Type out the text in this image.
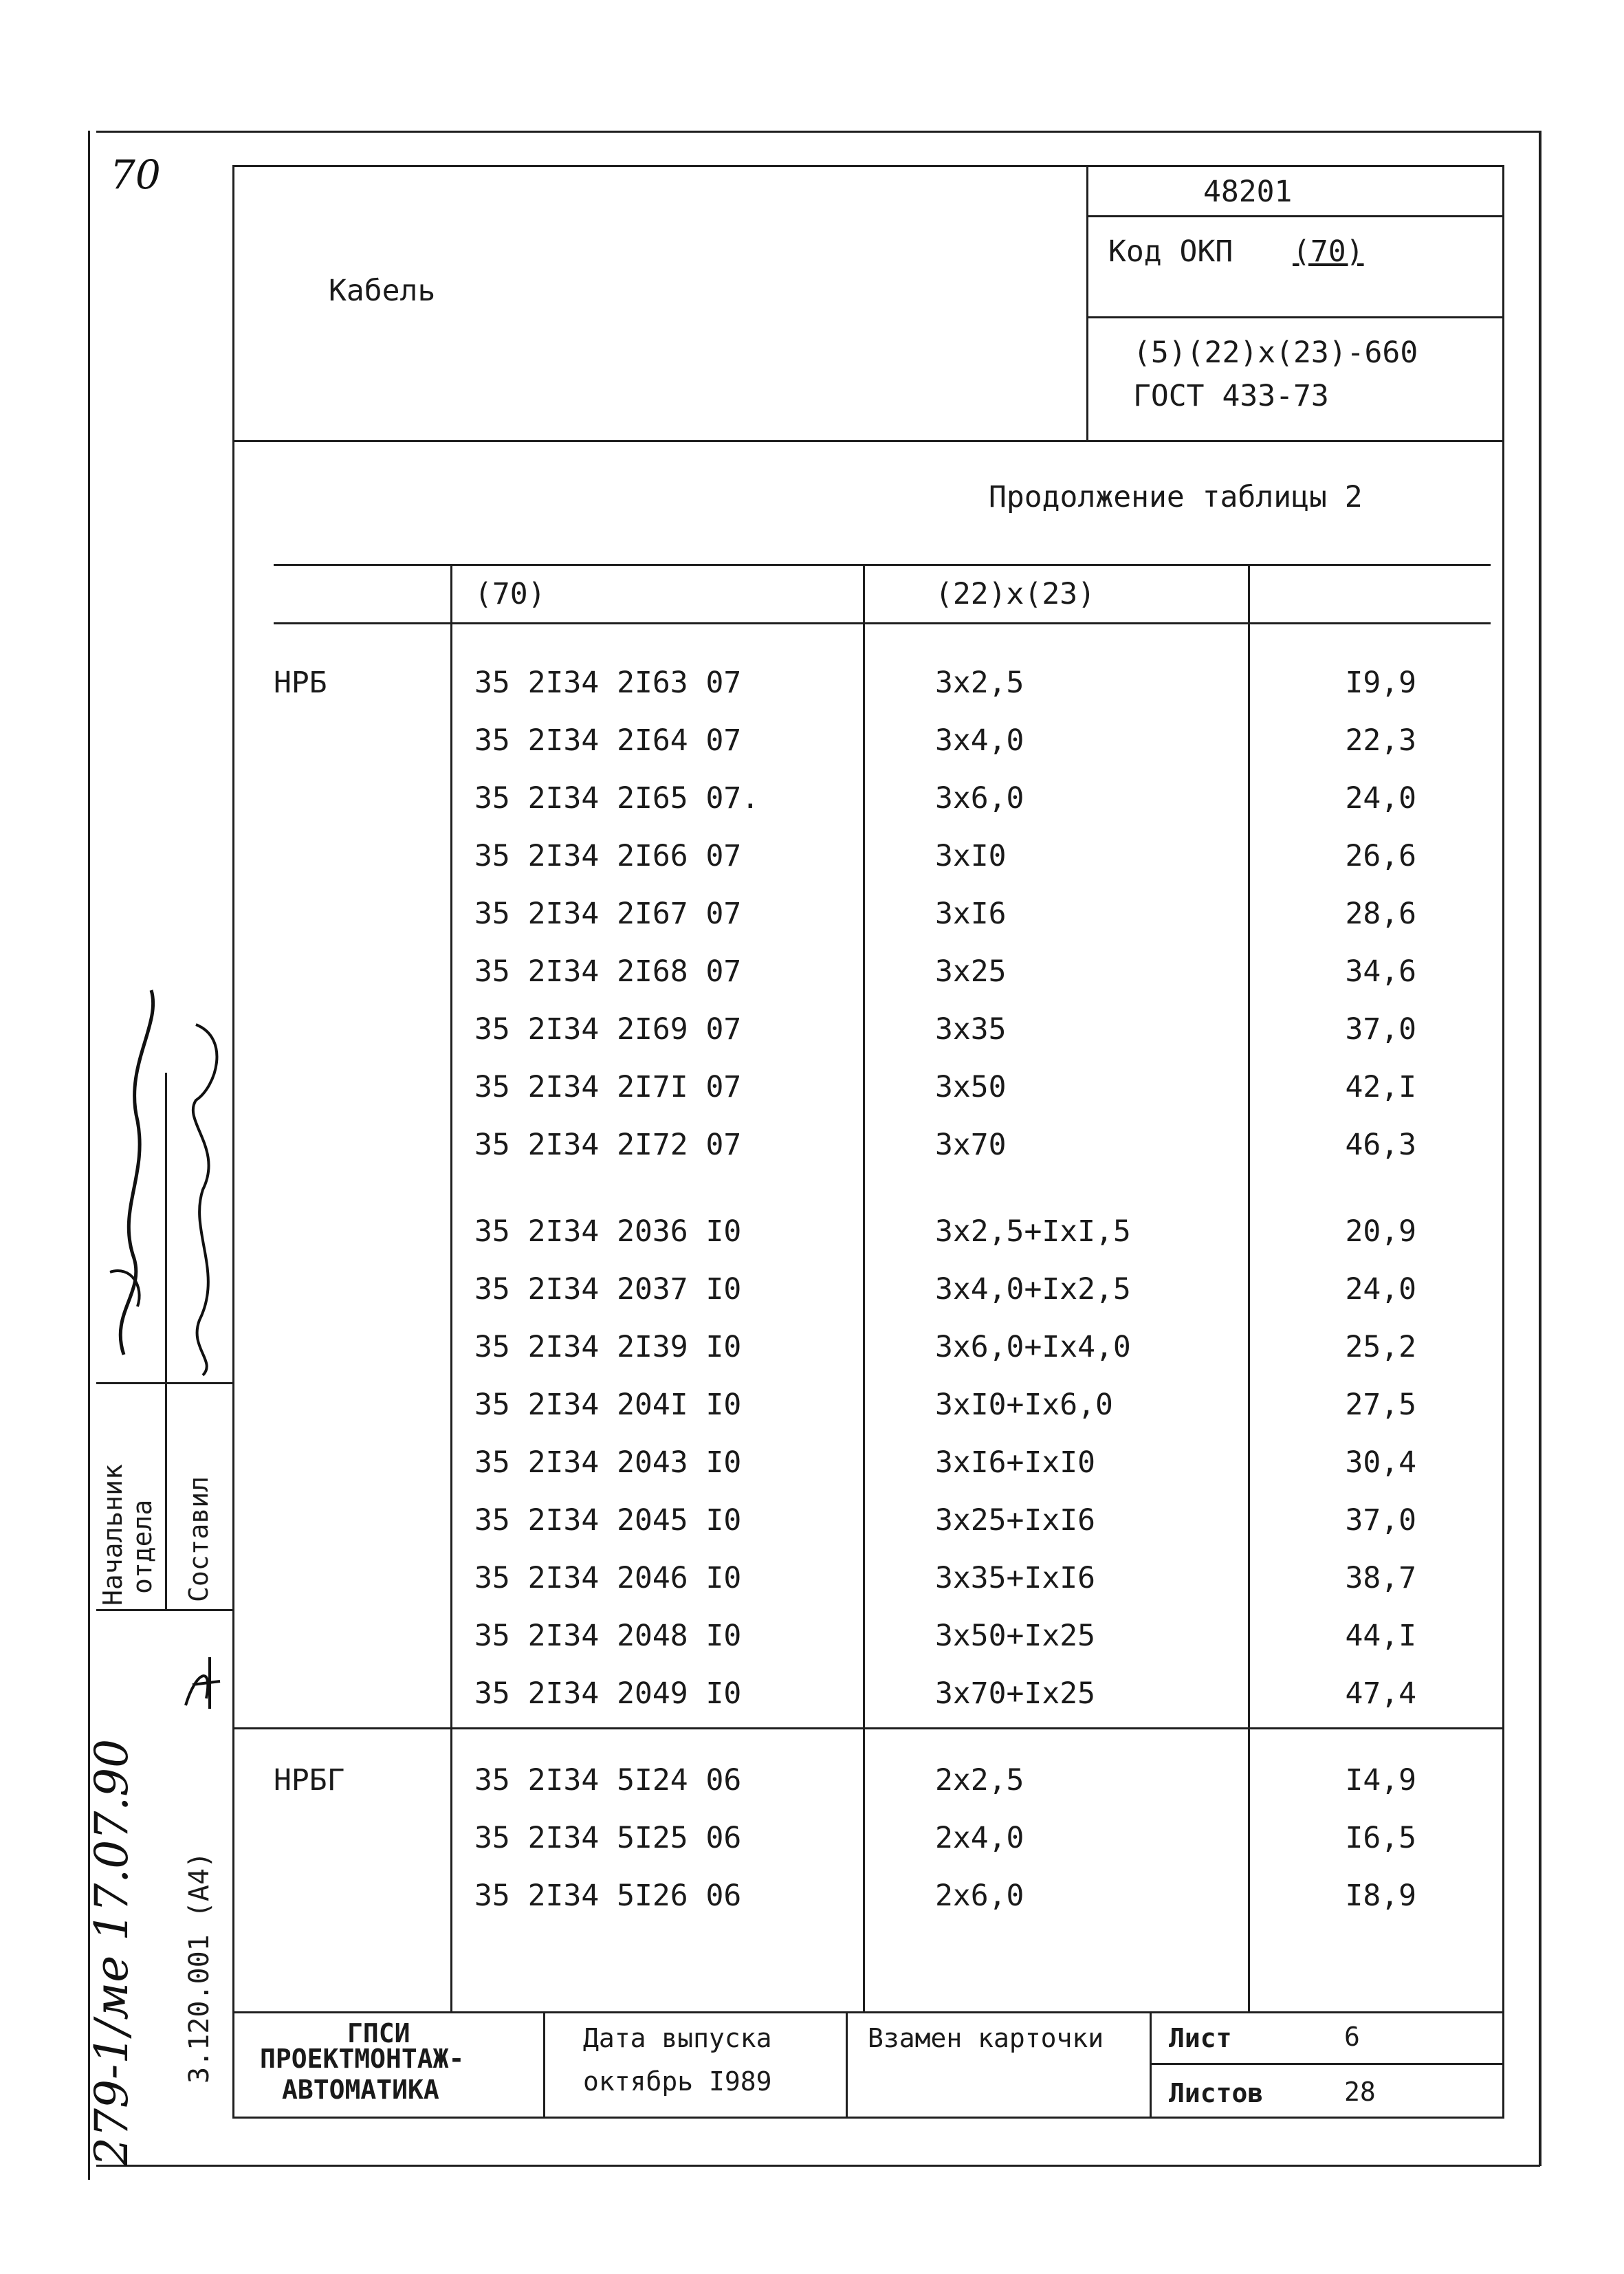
70
Кабель
48201
Код ОКП (70)
(5)(22)x(23)-660
ГОСТ 433-73
Продолжение таблицы 2
(70)	(22)x(23)
НРБ	35 2I34 2I63 07	3x2,5	I9,9
35 2I34 2I64 07	3x4,0	22,3
35 2I34 2I65 07.	3x6,0	24,0
35 2I34 2I66 07	3xI0	26,6
35 2I34 2I67 07	3xI6	28,6
35 2I34 2I68 07	3x25	34,6
35 2I34 2I69 07	3x35	37,0
35 2I34 2I7I 07	3x50	42,I
35 2I34 2I72 07	3x70	46,3
35 2I34 2036 I0	3x2,5+IxI,5	20,9
35 2I34 2037 I0	3x4,0+Ix2,5	24,0
35 2I34 2I39 I0	3x6,0+Ix4,0	25,2
35 2I34 204I I0	3xI0+Ix6,0	27,5
35 2I34 2043 I0	3xI6+IxI0	30,4
35 2I34 2045 I0	3x25+IxI6	37,0
35 2I34 2046 I0	3x35+IxI6	38,7
35 2I34 2048 I0	3x50+Ix25	44,I
35 2I34 2049 I0	3x70+Ix25	47,4
НРБГ	35 2I34 5I24 06	2x2,5	I4,9
35 2I34 5I25 06	2x4,0	I6,5
35 2I34 5I26 06	2x6,0	I8,9
ГПСИ
ПРОЕКТМОНТАЖ-
АВТОМАТИКА
Дата выпуска
октябрь I989
Взамен карточки Лист	6
Листов	28
Начальник отдела Составил
279-1/ме 17.07.90 3.120.001 (А4)
